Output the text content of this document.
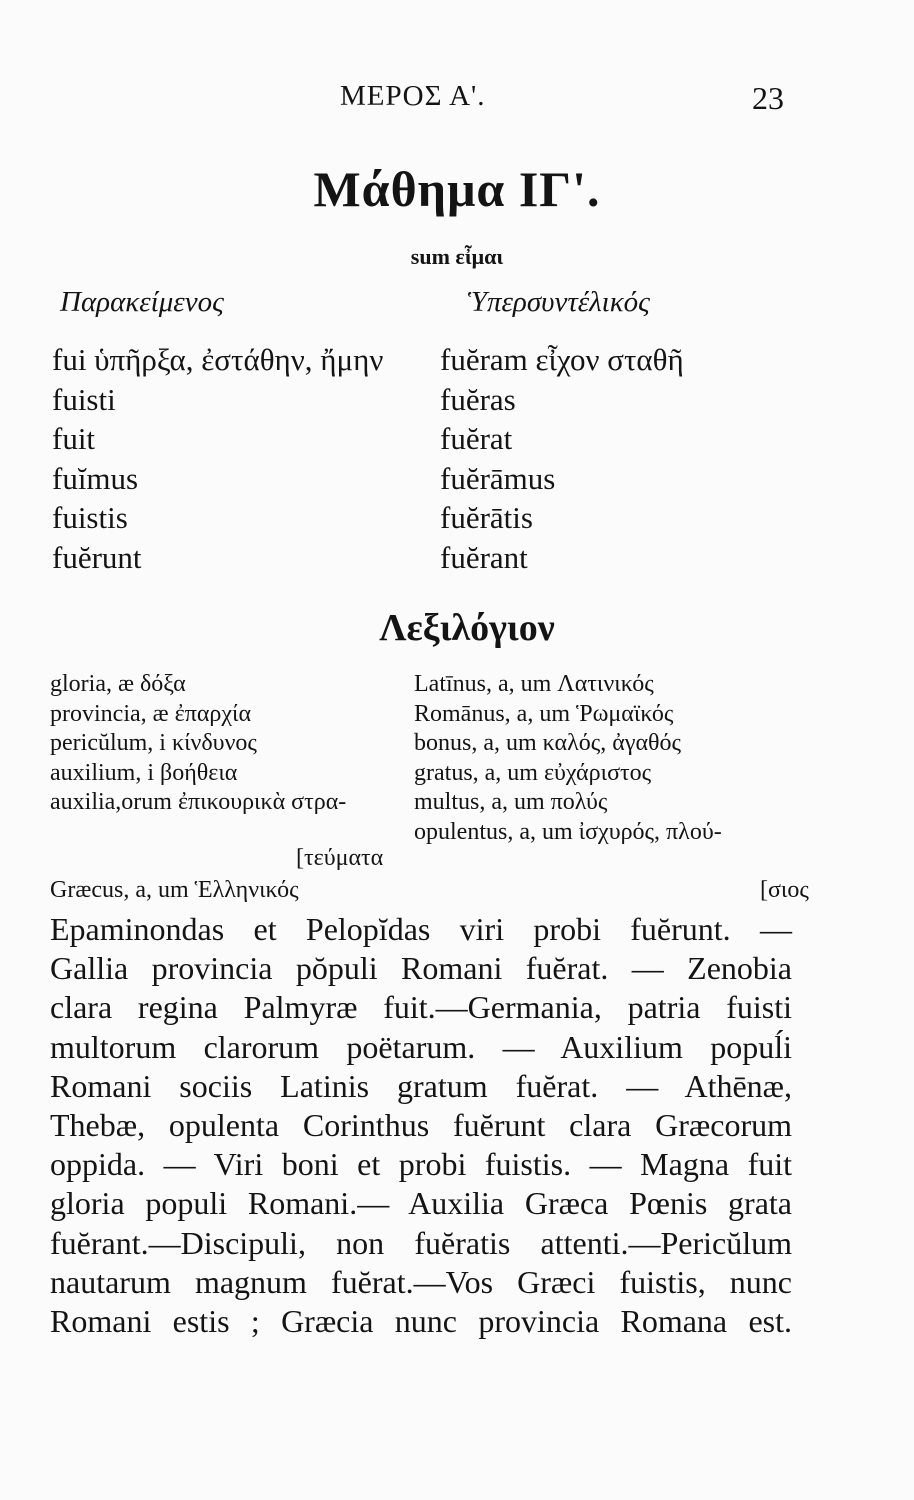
ΜΕΡΟΣ Α'.	23
Μάθημα ΙΓ'.
sum εἶμαι
Παρακείμενος	Ὑπερσυντέλικός
fui ὑπῆρξα, ἐστάθην, ἤμην
fuisti
fuit
fuĭmus
fuistis
fuĕrunt
fuĕram εἶχον σταθῆ
fuĕras
fuĕrat
fuĕrāmus
fuĕrātis
fuĕrant
Λεξιλόγιον
gloria, æ δόξα
provincia, æ ἐπαρχία
pericŭlum, i κίνδυνος
auxilium, i βοήθεια
auxilia,orum ἐπικουρικὰ στρα-
[τεύματα
Græcus, a, um Ἑλληνικός
Latīnus, a, um Λατινικός
Romānus, a, um Ῥωμαϊκός
bonus, a, um καλός, ἀγαθός
gratus, a, um εὐχάριστος
multus, a, um πολύς
opulentus, a, um ἰσχυρός, πλού-
[σιος
Epaminondas et Pelopĭdas viri probi fuĕrunt. —
Gallia provincia pŏpuli Romani fuĕrat. — Zenobia
clara regina Palmyræ fuit.—Germania, patria fuisti
multorum clarorum poëtarum. — Auxilium popuĺi
Romani sociis Latinis gratum fuĕrat. — Athēnæ,
Thebæ, opulenta Corinthus fuĕrunt clara Græcorum
oppida. — Viri boni et probi fuistis. — Magna fuit
gloria populi Romani.— Auxilia Græca Pœnis grata
fuĕrant.—Discipuli, non fuĕratis attenti.—Pericŭlum
nautarum magnum fuĕrat.—Vos Græci fuistis, nunc
Romani estis ; Græcia nunc provincia Romana est.
